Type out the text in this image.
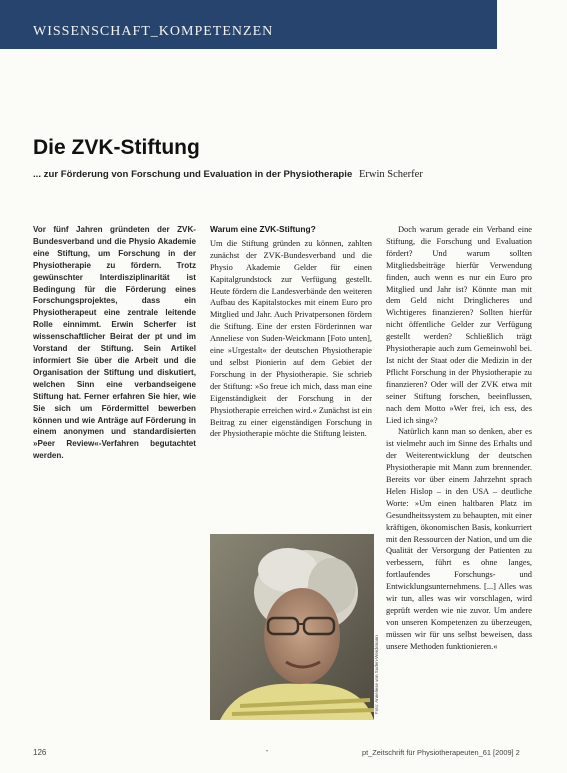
WISSENSCHAFT_KOMPETENZEN
Die ZVK-Stiftung
... zur Förderung von Forschung und Evaluation in der Physiotherapie Erwin Scherfer

Vor fünf Jahren gründeten der ZVK-Bundesverband und die Physio Akademie eine Stiftung, um Forschung in der Physiotherapie zu fördern. Trotz gewünschter Interdisziplinarität ist Bedingung für die Förderung eines Forschungsprojektes, dass ein Physiotherapeut eine zentrale leitende Rolle einnimmt. Erwin Scherfer ist wissenschaftlicher Beirat der pt und im Vorstand der Stiftung. Sein Artikel informiert Sie über die Arbeit und die Organisation der Stiftung und diskutiert, welchen Sinn eine verbandseigene Stiftung hat. Ferner erfahren Sie hier, wie Sie sich um Fördermittel bewerben können und wie Anträge auf Förderung in einem anonymen und standardisierten »Peer Review«-Verfahren begutachtet werden.

Warum eine ZVK-Stiftung?

Um die Stiftung gründen zu können, zahlten zunächst der ZVK-Bundesverband und die Physio Akademie Gelder für einen Kapitalgrundstock zur Verfügung gestellt. Heute fördern die Landesverbände den weiteren Aufbau des Kapitalstockes mit einem Euro pro Mitglied und Jahr. Auch Privatpersonen fördern die Stiftung. Eine der ersten Förderinnen war Anneliese von Suden-Weickmann [Foto unten], eine »Urgestalt« der deutschen Physiotherapie und selbst Pionierin auf dem Gebiet der Forschung in der Physiotherapie. Sie schrieb der Stiftung: »So freue ich mich, dass man eine Eigenständigkeit der Forschung in der Physiotherapie erreichen wird.« Zunächst ist ein Beitrag zu einer eigenständigen Forschung in der Physiotherapie möchte die Stiftung leisten.

Doch warum gerade ein Verband eine Stiftung, die Forschung und Evaluation fördert? Und warum sollten Mitgliedsbeiträge hierfür Verwendung finden, auch wenn es nur ein Euro pro Mitglied und Jahr ist? Könnte man mit dem Geld nicht Dringlicheres und Wichtigeres finanzieren? Sollten hierfür nicht öffentliche Gelder zur Verfügung gestellt werden? Schließlich trägt Physiotherapie auch zum Gemeinwohl bei. Ist nicht der Staat oder die Medizin in der Pflicht Forschung in der Physiotherapie zu finanzieren? Oder will der ZVK etwa mit seiner Stiftung forschen, beeinflussen, nach dem Motto »Wer frei, ich ess, des Lied ich sing«?

Natürlich kann man so denken, aber es ist vielmehr auch im Sinne des Erhalts und der Weiterentwicklung der deutschen Physiotherapie mit Mann zum brennender. Bereits vor über einem Jahrzehnt sprach Helen Hislop – in den USA – deutliche Worte: »Um einen haltbaren Platz im Gesundheitssystem zu behaupten, mit einer kräftigen, ökonomischen Basis, konkurriert mit den Ressourcen der Nation, und um die Qualität der Versorgung der Patienten zu verbessern, führt es ohne langes, fortlaufendes Forschungs- und Entwicklungsunternehmens. [...] Alles was wir tun, alles was wir vorschlagen, wird geprüft werden wie nie zuvor. Um andere von unseren Kompetenzen zu überzeugen, müssen wir für uns selbst beweisen, dass unsere Methoden funktionieren.«

Foto: Anneliese von Suden-Weickmann
126	•	pt_Zeitschrift für Physiotherapeuten_61 [2009] 2
